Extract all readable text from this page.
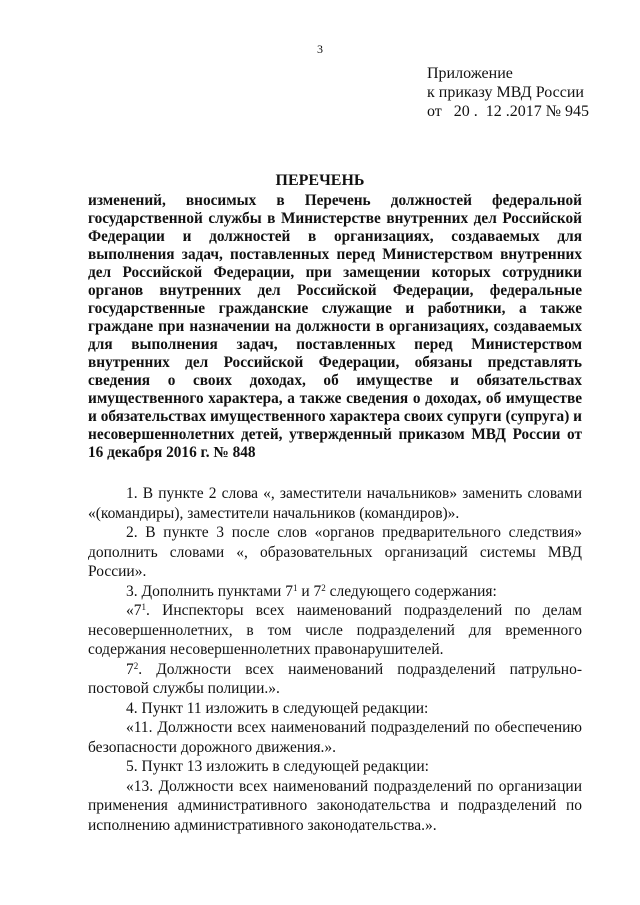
3
Приложение
к приказу МВД России
от   20 .  12 .2017 № 945
ПЕРЕЧЕНЬ
изменений, вносимых в Перечень должностей федеральной государственной службы в Министерстве внутренних дел Российской Федерации и должностей в организациях, создаваемых для выполнения задач, поставленных перед Министерством внутренних дел Российской Федерации, при замещении которых сотрудники органов внутренних дел Российской Федерации, федеральные государственные гражданские служащие и работники, а также граждане при назначении на должности в организациях, создаваемых для выполнения задач, поставленных перед Министерством внутренних дел Российской Федерации, обязаны представлять сведения о своих доходах, об имуществе и обязательствах имущественного характера, а также сведения о доходах, об имуществе и обязательствах имущественного характера своих супруги (супруга) и несовершеннолетних детей, утвержденный приказом МВД России от 16 декабря 2016 г. № 848

1. В пункте 2 слова «, заместители начальников» заменить словами «(командиры), заместители начальников (командиров)».

2. В пункте 3 после слов «органов предварительного следствия» дополнить словами «, образовательных организаций системы МВД России».

3. Дополнить пунктами $7^1$ и $7^2$ следующего содержания:

«$7^1$. Инспекторы всех наименований подразделений по делам несовершеннолетних, в том числе подразделений для временного содержания несовершеннолетних правонарушителей.

$7^2$. Должности всех наименований подразделений патрульно-постовой службы полиции.».

4. Пункт 11 изложить в следующей редакции:

«11. Должности всех наименований подразделений по обеспечению безопасности дорожного движения.».

5. Пункт 13 изложить в следующей редакции:

«13. Должности всех наименований подразделений по организации применения административного законодательства и подразделений по исполнению административного законодательства.».
